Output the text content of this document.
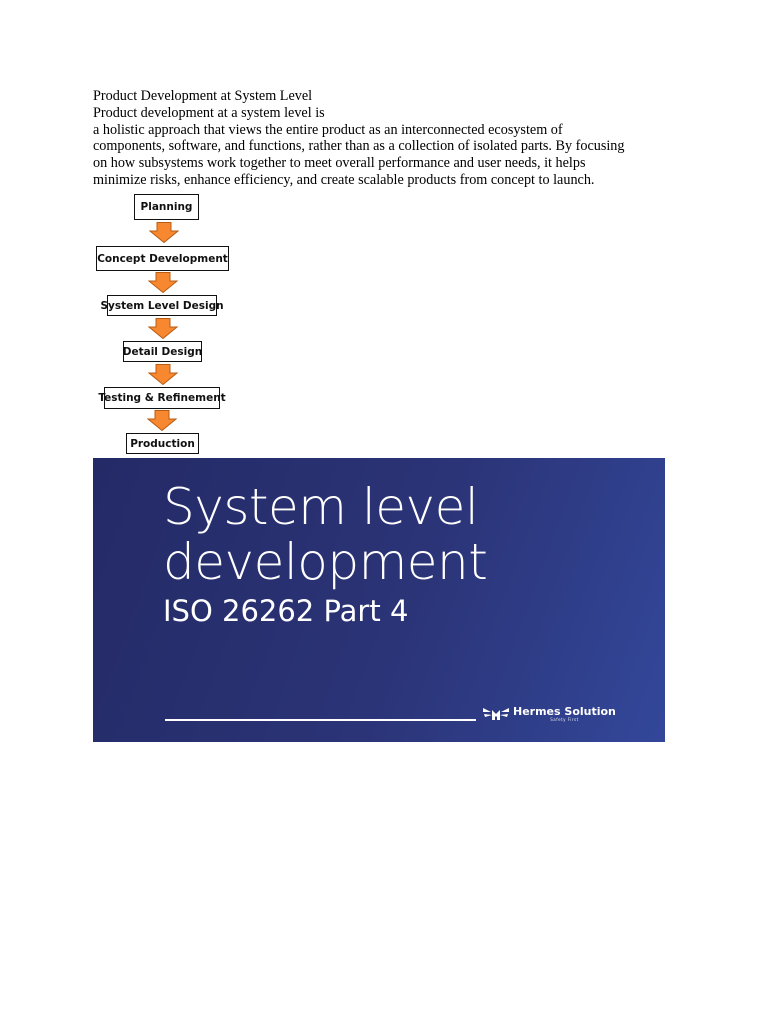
Product Development at System Level
Product development at a system level is
a holistic approach that views the entire product as an interconnected ecosystem of
components, software, and functions, rather than as a collection of isolated parts. By focusing
on how subsystems work together to meet overall performance and user needs, it helps
minimize risks, enhance efficiency, and create scalable products from concept to launch.
Planning
Concept Development
System Level Design
Detail Design
Testing & Refinement
Production
System level
development
ISO 26262 Part 4
Hermes Solution
Safety First
